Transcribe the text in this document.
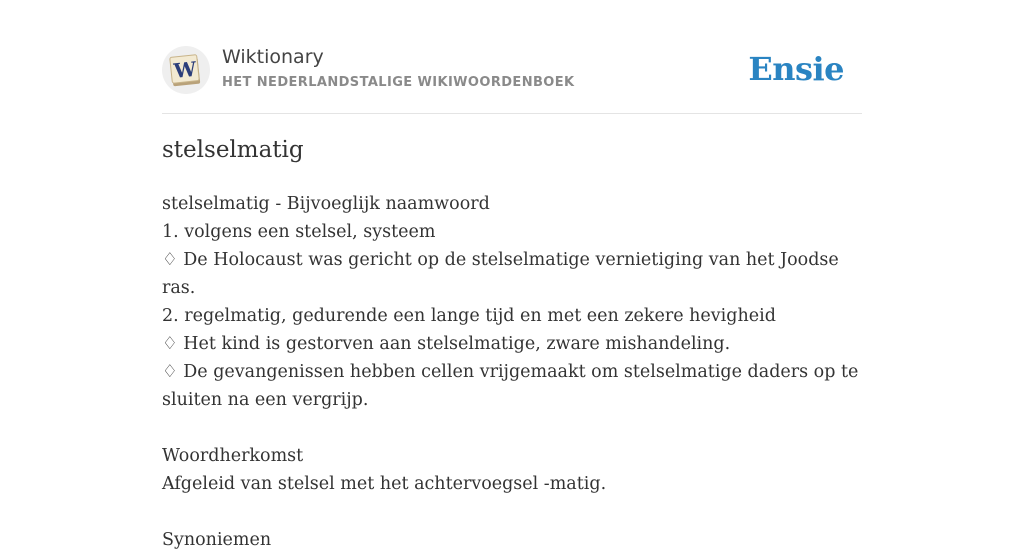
W Wiktionary
HET NEDERLANDSTALIGE WIKIWOORDENBOEK	Ensie
stelselmatig
stelselmatig - Bijvoeglijk naamwoord
1. volgens een stelsel, systeem
♢ De Holocaust was gericht op de stelselmatige vernietiging van het Joodse ras.
2. regelmatig, gedurende een lange tijd en met een zekere hevigheid
♢ Het kind is gestorven aan stelselmatige, zware mishandeling.
♢ De gevangenissen hebben cellen vrijgemaakt om stelselmatige daders op te sluiten na een vergrijp.
Woordherkomst
Afgeleid van stelsel met het achtervoegsel -matig.
Synoniemen
